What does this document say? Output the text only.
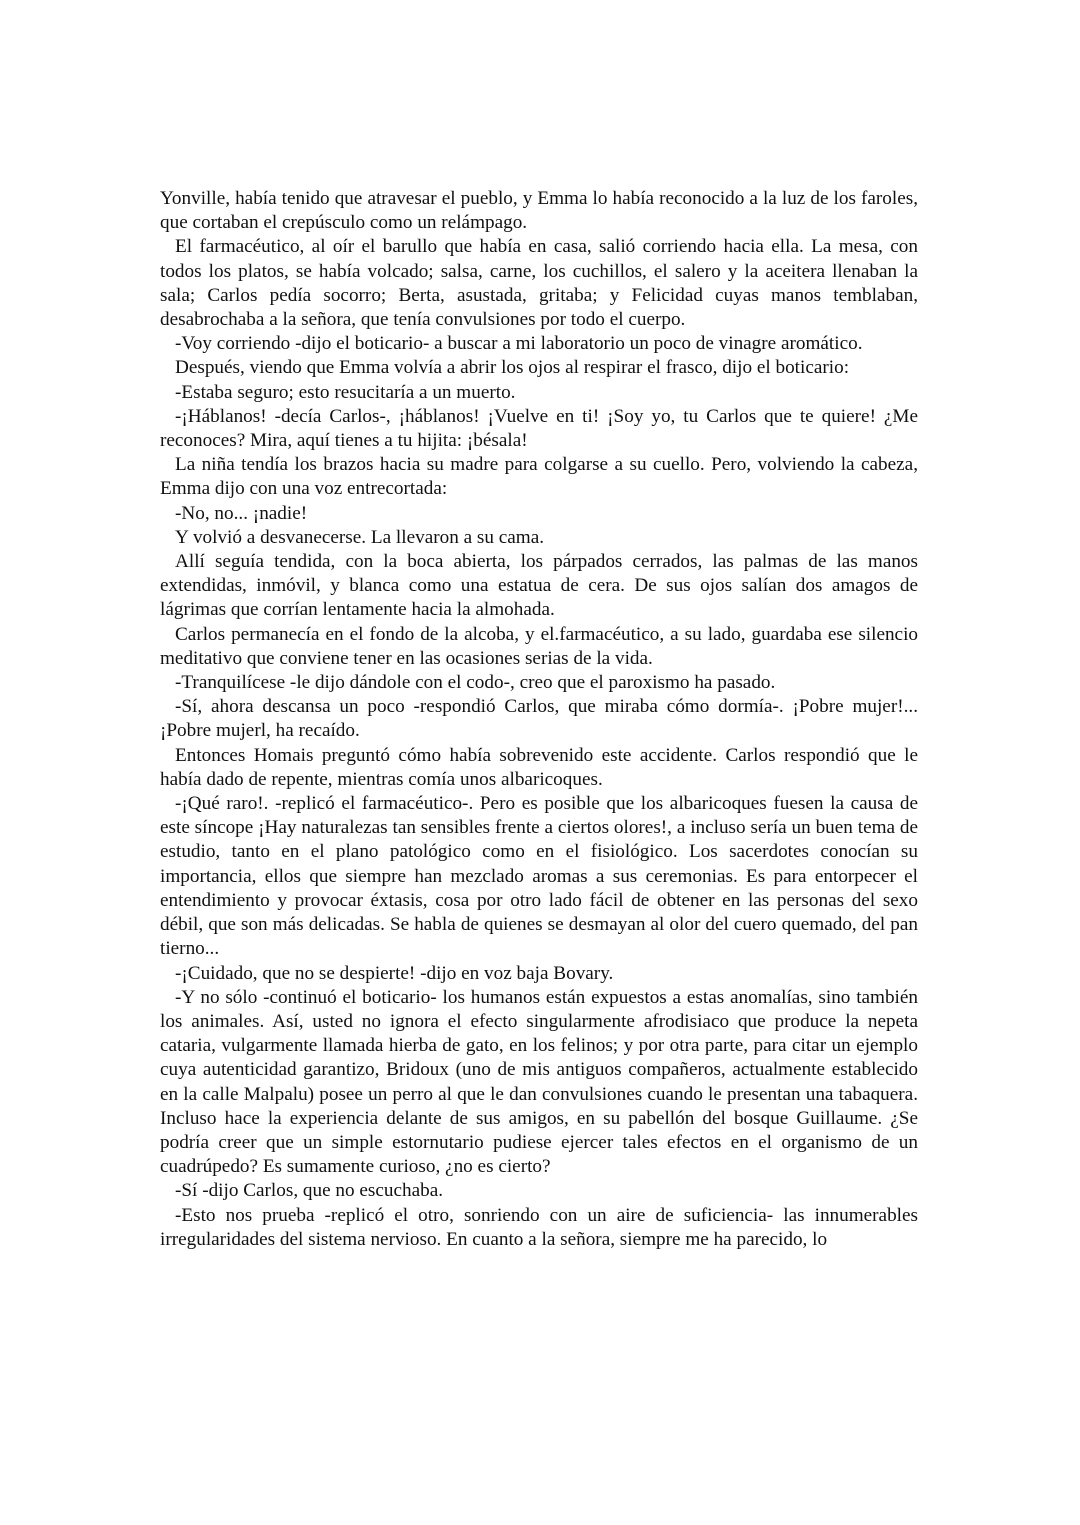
Yonville, había tenido que atravesar el pueblo, y Emma lo había reconocido a la luz de los faroles, que cortaban el crepúsculo como un relámpago.

El farmacéutico, al oír el barullo que había en casa, salió corriendo hacia ella. La mesa, con todos los platos, se había volcado; salsa, carne, los cuchillos, el salero y la aceitera llenaban la sala; Carlos pedía socorro; Berta, asustada, gritaba; y Felicidad cuyas manos temblaban, desabrochaba a la señora, que tenía convulsiones por todo el cuerpo.

-Voy corriendo -dijo el boticario- a buscar a mi laboratorio un poco de vinagre aromático.

Después, viendo que Emma volvía a abrir los ojos al respirar el frasco, dijo el boticario:

-Estaba seguro; esto resucitaría a un muerto.

-¡Háblanos! -decía Carlos-, ¡háblanos! ¡Vuelve en ti! ¡Soy yo, tu Carlos que te quiere! ¿Me reconoces? Mira, aquí tienes a tu hijita: ¡bésala!

La niña tendía los brazos hacia su madre para colgarse a su cuello. Pero, volviendo la cabeza, Emma dijo con una voz entrecortada:

-No, no... ¡nadie!

Y volvió a desvanecerse. La llevaron a su cama.

Allí seguía tendida, con la boca abierta, los párpados cerrados, las palmas de las manos extendidas, inmóvil, y blanca como una estatua de cera. De sus ojos salían dos amagos de lágrimas que corrían lentamente hacia la almohada.

Carlos permanecía en el fondo de la alcoba, y el.farmacéutico, a su lado, guardaba ese silencio meditativo que conviene tener en las ocasiones serias de la vida.

-Tranquilícese -le dijo dándole con el codo-, creo que el paroxismo ha pasado.

-Sí, ahora descansa un poco -respondió Carlos, que miraba cómo dormía-. ¡Pobre mujer!... ¡Pobre mujerl, ha recaído.

Entonces Homais preguntó cómo había sobrevenido este accidente. Carlos respondió que le había dado de repente, mientras comía unos albaricoques.

-¡Qué raro!. -replicó el farmacéutico-. Pero es posible que los albaricoques fuesen la causa de este síncope ¡Hay naturalezas tan sensibles frente a ciertos olores!, a incluso sería un buen tema de estudio, tanto en el plano patológico como en el fisiológico. Los sacerdotes conocían su importancia, ellos que siempre han mezclado aromas a sus ceremonias. Es para entorpecer el entendimiento y provocar éxtasis, cosa por otro lado fácil de obtener en las personas del sexo débil, que son más delicadas. Se habla de quienes se desmayan al olor del cuero quemado, del pan tierno...

-¡Cuidado, que no se despierte! -dijo en voz baja Bovary.

-Y no sólo -continuó el boticario- los humanos están expuestos a estas anomalías, sino también los animales. Así, usted no ignora el efecto singularmente afrodisiaco que produce la nepeta cataria, vulgarmente llamada hierba de gato, en los felinos; y por otra parte, para citar un ejemplo cuya autenticidad garantizo, Bridoux (uno de mis antiguos compañeros, actualmente establecido en la calle Malpalu) posee un perro al que le dan convulsiones cuando le presentan una tabaquera. Incluso hace la experiencia delante de sus amigos, en su pabellón del bosque Guillaume. ¿Se podría creer que un simple estornutario pudiese ejercer tales efectos en el organismo de un cuadrúpedo? Es sumamente curioso, ¿no es cierto?

-Sí -dijo Carlos, que no escuchaba.

-Esto nos prueba -replicó el otro, sonriendo con un aire de suficiencia- las innumerables irregularidades del sistema nervioso. En cuanto a la señora, siempre me ha parecido, lo
